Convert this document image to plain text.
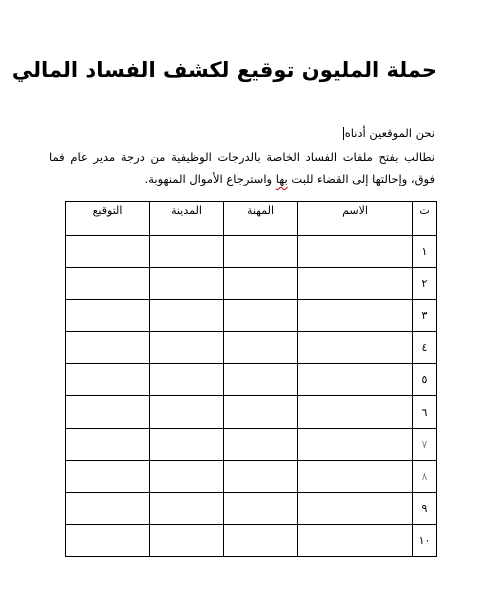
حملة المليون توقيع لكشف الفساد المالي
نحن الموقعين أدناه
نطالب بفتح ملفات الفساد الخاصة بالدرجات الوظيفية من درجة مدير عام فما فوق، وإحالتها إلى القضاء للبت بها واسترجاع الأموال المنهوبة.
ت	الاسم	المهنة	المدينة	التوقيع
١				
٢				
٣				
٤				
٥				
٦				
٧				
٨				
٩				
١٠				
